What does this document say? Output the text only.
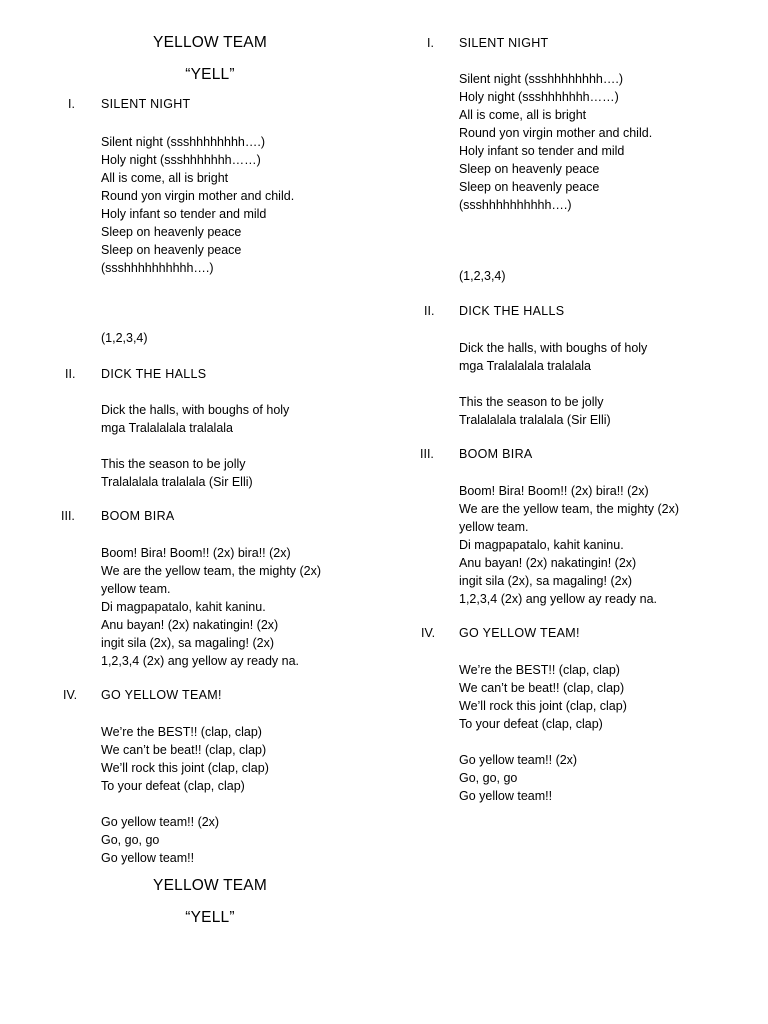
YELLOW TEAM
“YELL”
I. SILENT NIGHT
Silent night (ssshhhhhhhh….)
Holy night (ssshhhhhhh……)
All is come, all is bright
Round yon virgin mother and child.
Holy infant so tender and mild
Sleep on heavenly peace
Sleep on heavenly peace
(ssshhhhhhhhhh….)
(1,2,3,4)
II. DICK THE HALLS
Dick the halls, with boughs of holy
mga Tralalalala tralalala
This the season to be jolly
Tralalalala tralalala (Sir Elli)
III. BOOM BIRA
Boom! Bira! Boom!! (2x) bira!! (2x)
We are the yellow team, the mighty (2x)
yellow team.
Di magpapatalo, kahit kaninu.
Anu bayan! (2x) nakatingin! (2x)
ingit sila (2x), sa magaling! (2x)
1,2,3,4 (2x) ang yellow ay ready na.
IV. GO YELLOW TEAM!
We’re the BEST!! (clap, clap)
We can’t be beat!! (clap, clap)
We’ll rock this joint (clap, clap)
To your defeat (clap, clap)
Go yellow team!! (2x)
Go, go, go
Go yellow team!!
YELLOW TEAM
“YELL”
I. SILENT NIGHT
Silent night (ssshhhhhhhh….)
Holy night (ssshhhhhhh……)
All is come, all is bright
Round yon virgin mother and child.
Holy infant so tender and mild
Sleep on heavenly peace
Sleep on heavenly peace
(ssshhhhhhhhhh….)
(1,2,3,4)
II. DICK THE HALLS
Dick the halls, with boughs of holy
mga Tralalalala tralalala
This the season to be jolly
Tralalalala tralalala (Sir Elli)
III. BOOM BIRA
Boom! Bira! Boom!! (2x) bira!! (2x)
We are the yellow team, the mighty (2x)
yellow team.
Di magpapatalo, kahit kaninu.
Anu bayan! (2x) nakatingin! (2x)
ingit sila (2x), sa magaling! (2x)
1,2,3,4 (2x) ang yellow ay ready na.
IV. GO YELLOW TEAM!
We’re the BEST!! (clap, clap)
We can’t be beat!! (clap, clap)
We’ll rock this joint (clap, clap)
To your defeat (clap, clap)
Go yellow team!! (2x)
Go, go, go
Go yellow team!!
